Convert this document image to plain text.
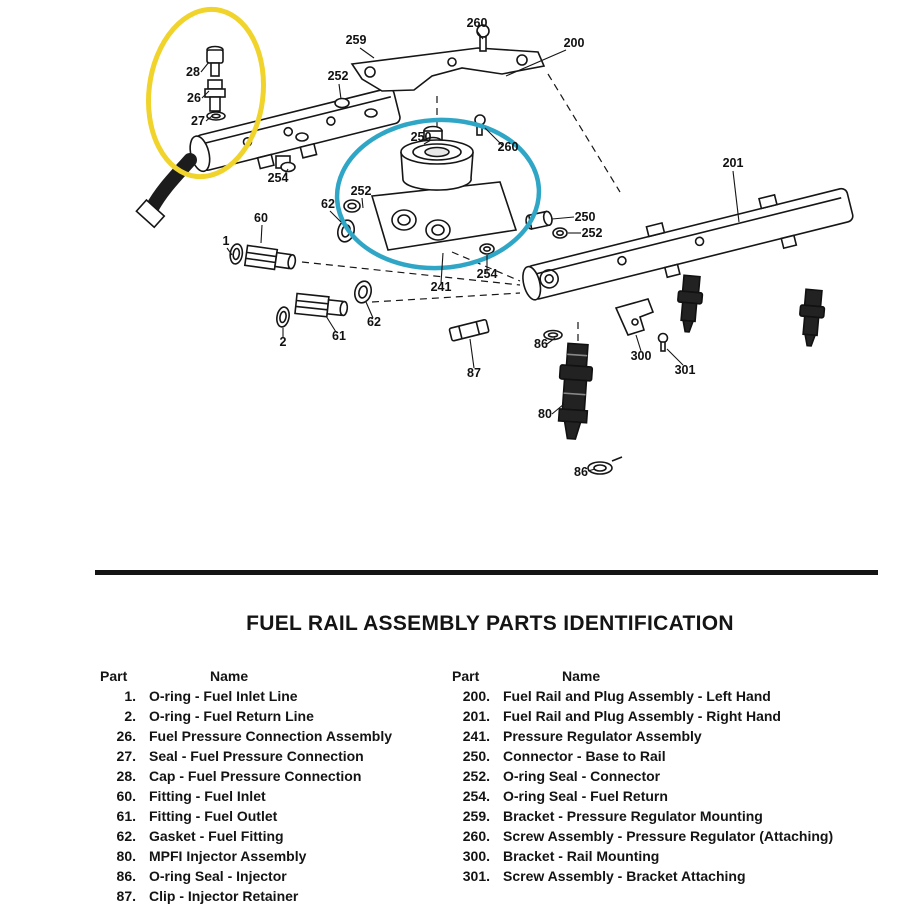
260
259	200
28	252
26
27
250
260
201
254
252
62
60	250
252
1
254
241
62
61
2	86
87
300
301
80
86
FUEL RAIL ASSEMBLY PARTS IDENTIFICATION
Part	Name
1. O-ring - Fuel Inlet Line
2. O-ring - Fuel Return Line
26. Fuel Pressure Connection Assembly
27. Seal - Fuel Pressure Connection
28. Cap - Fuel Pressure Connection
60. Fitting - Fuel Inlet
61. Fitting - Fuel Outlet
62. Gasket - Fuel Fitting
80. MPFI Injector Assembly
86. O-ring Seal - Injector
87. Clip - Injector Retainer
Part	Name
200. Fuel Rail and Plug Assembly - Left Hand
201. Fuel Rail and Plug Assembly - Right Hand
241. Pressure Regulator Assembly
250. Connector - Base to Rail
252. O-ring Seal - Connector
254. O-ring Seal - Fuel Return
259. Bracket - Pressure Regulator Mounting
260. Screw Assembly - Pressure Regulator (Attaching)
300. Bracket - Rail Mounting
301. Screw Assembly - Bracket Attaching
